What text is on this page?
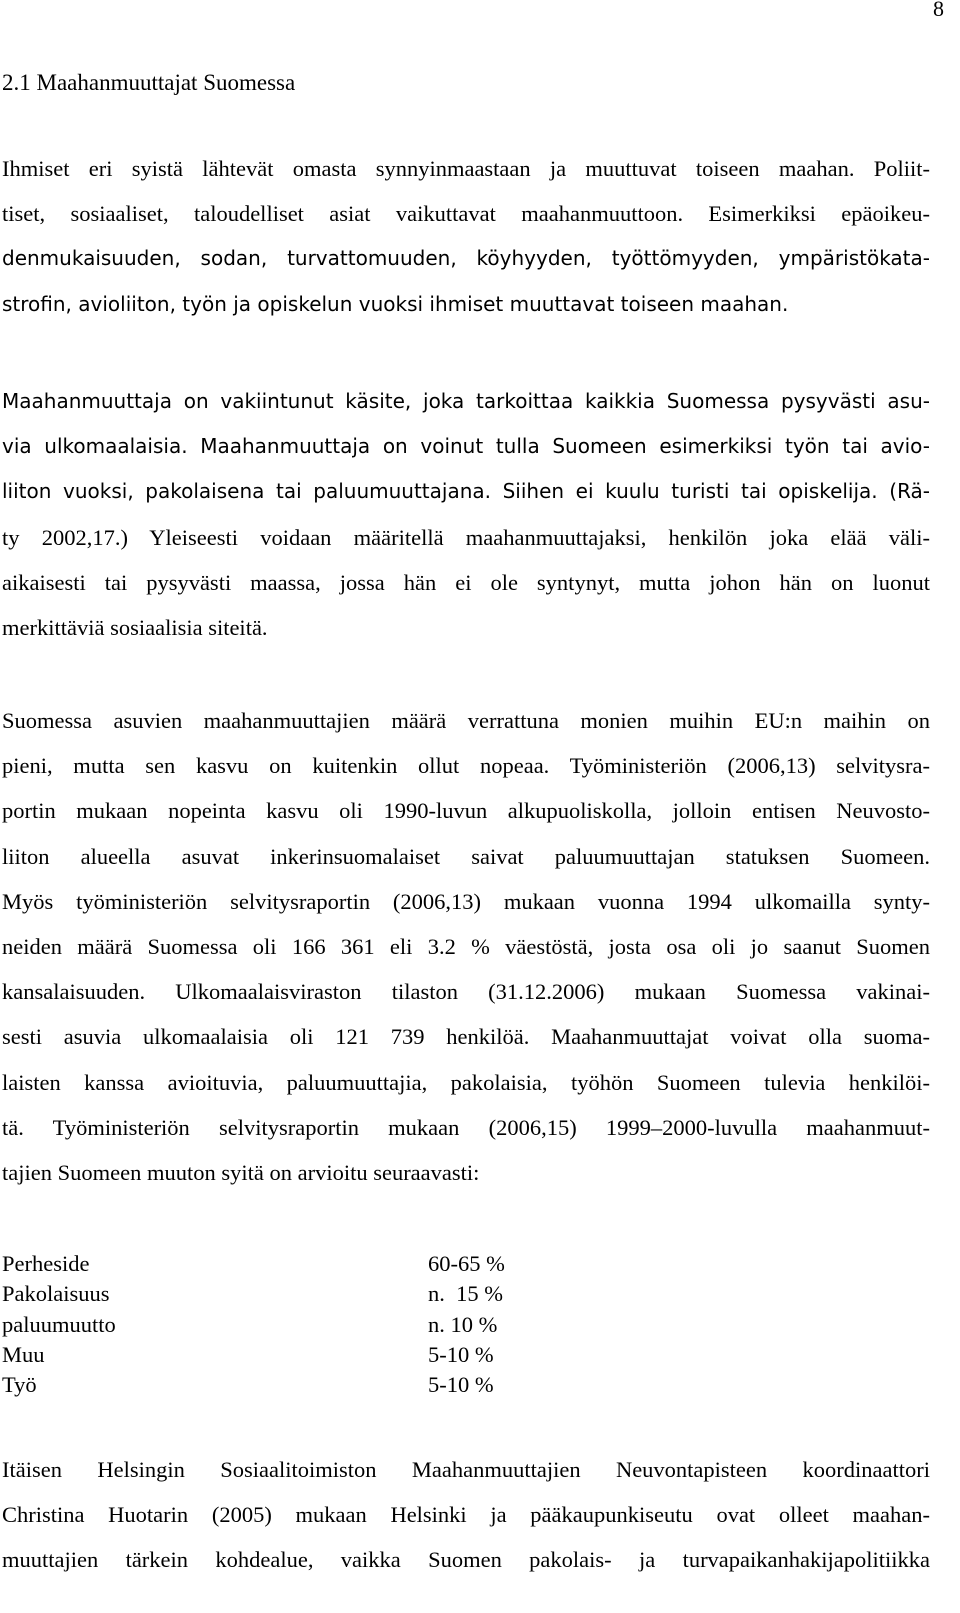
8
2.1 Maahanmuuttajat Suomessa
Ihmiset eri syistä lähtevät omasta synnyinmaastaan ja muuttuvat toiseen maahan. Poliit-
tiset, sosiaaliset, taloudelliset asiat vaikuttavat maahanmuuttoon. Esimerkiksi epäoikeu-
denmukaisuuden, sodan, turvattomuuden, köyhyyden, työttömyyden, ympäristökata-
strofin, avioliiton, työn ja opiskelun vuoksi ihmiset muuttavat toiseen maahan.
Maahanmuuttaja on vakiintunut käsite, joka tarkoittaa kaikkia Suomessa pysyvästi asu-
via ulkomaalaisia. Maahanmuuttaja on voinut tulla Suomeen esimerkiksi työn tai avio-
liiton vuoksi, pakolaisena tai paluumuuttajana. Siihen ei kuulu turisti tai opiskelija. (Rä-
ty 2002,17.) Yleiseesti voidaan määritellä maahanmuuttajaksi, henkilön joka elää väli-
aikaisesti tai pysyvästi maassa, jossa hän ei ole syntynyt, mutta johon hän on luonut
merkittäviä sosiaalisia siteitä.
Suomessa asuvien maahanmuuttajien määrä verrattuna monien muihin EU:n maihin on
pieni, mutta sen kasvu on kuitenkin ollut nopeaa. Työministeriön (2006,13) selvitysra-
portin mukaan nopeinta kasvu oli 1990-luvun alkupuoliskolla, jolloin entisen Neuvosto-
liiton alueella asuvat inkerinsuomalaiset saivat paluumuuttajan statuksen Suomeen.
Myös työministeriön selvitysraportin (2006,13) mukaan vuonna 1994 ulkomailla synty-
neiden määrä Suomessa oli 166 361 eli 3.2 % väestöstä, josta osa oli jo saanut Suomen
kansalaisuuden. Ulkomaalaisviraston tilaston (31.12.2006) mukaan Suomessa vakinai-
sesti asuvia ulkomaalaisia oli 121 739 henkilöä. Maahanmuuttajat voivat olla suoma-
laisten kanssa avioituvia, paluumuuttajia, pakolaisia, työhön Suomeen tulevia henkilöi-
tä. Työministeriön selvitysraportin mukaan (2006,15) 1999–2000-luvulla maahanmuut-
tajien Suomeen muuton syitä on arvioitu seuraavasti:
Perheside	60-65 %
Pakolaisuus	n.  15 %
paluumuutto	n. 10 %
Muu	5-10 %
Työ	5-10 %
Itäisen Helsingin Sosiaalitoimiston Maahanmuuttajien Neuvontapisteen koordinaattori
Christina Huotarin (2005) mukaan Helsinki ja pääkaupunkiseutu ovat olleet maahan-
muuttajien tärkein kohdealue, vaikka Suomen pakolais- ja turvapaikanhakijapolitiikka
